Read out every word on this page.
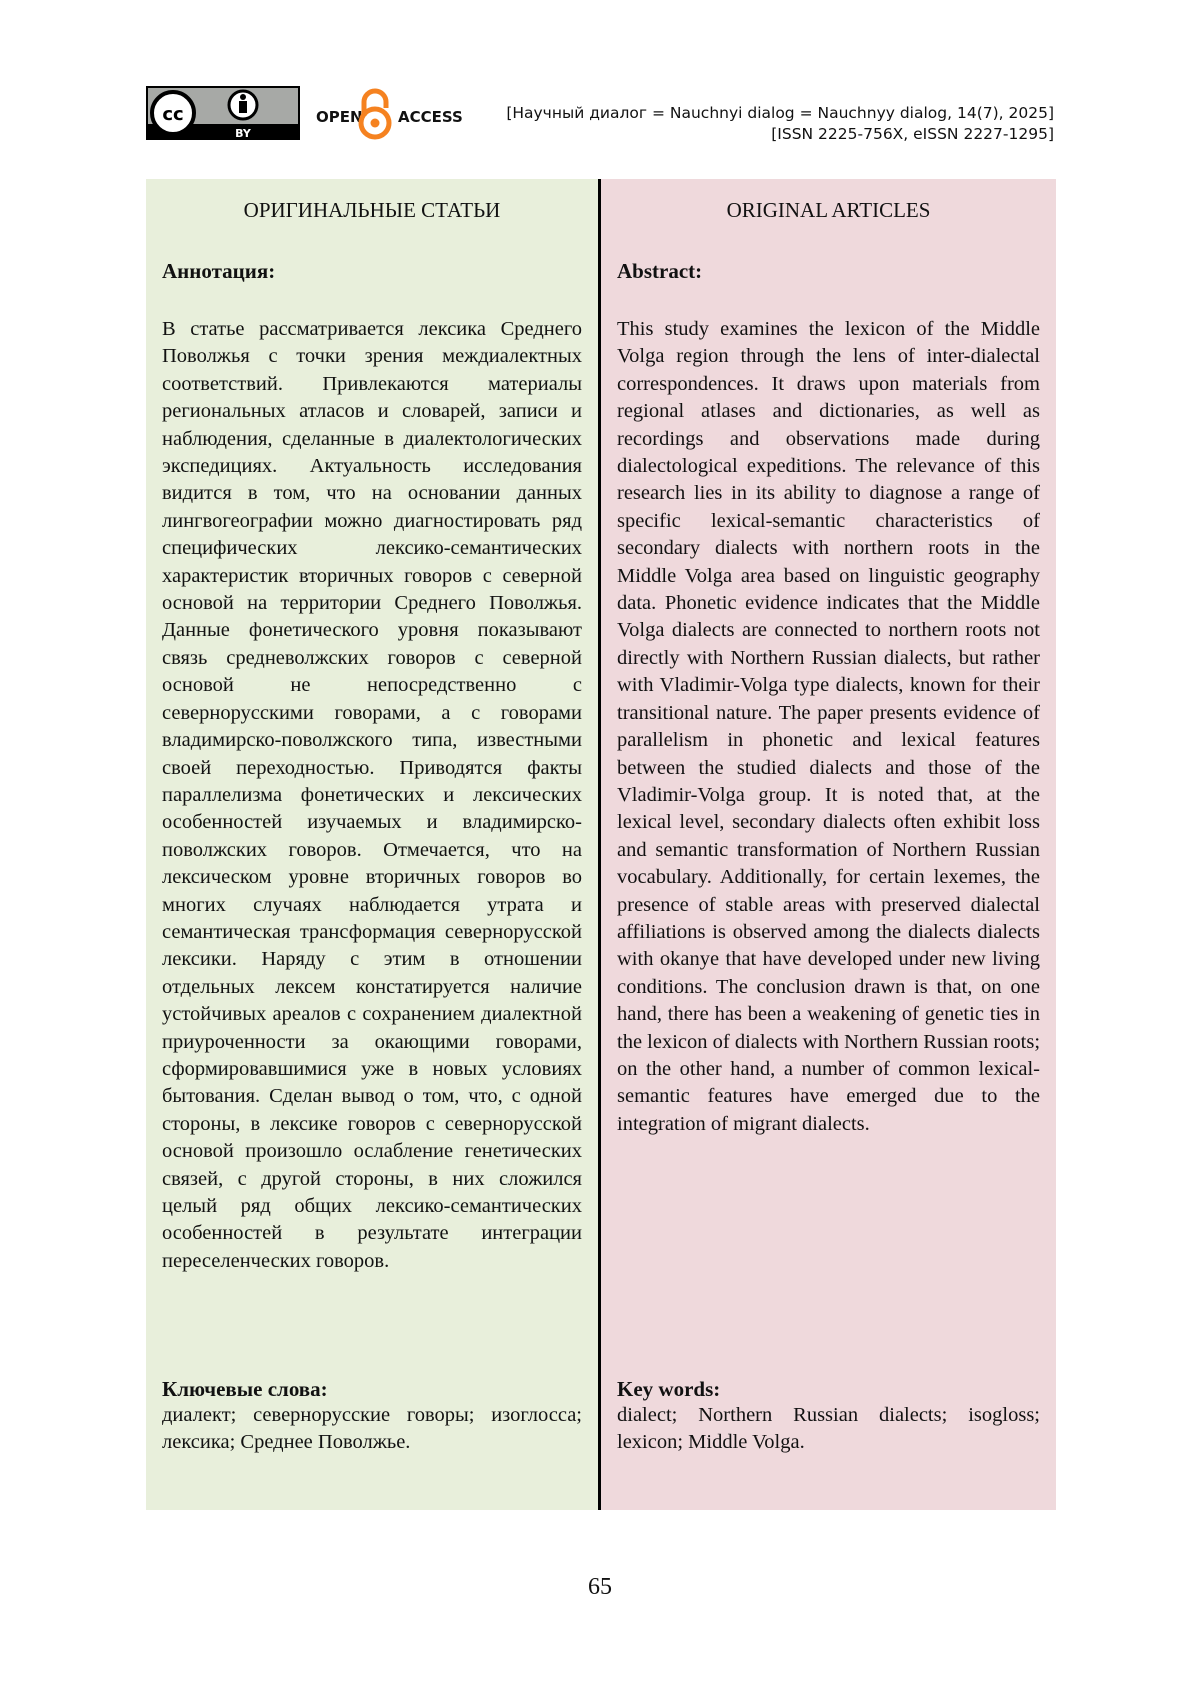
cc
BY
OPEN ACCESS	[Научный диалог = Nauchnyi dialog = Nauchnyy dialog, 14(7), 2025]
[ISSN 2225-756X, eISSN 2227-1295]
ОРИГИНАЛЬНЫЕ СТАТЬИ
Аннотация:
В статье рассматривается лексика Среднего Поволжья с точки зрения междиалектных соответствий. Привлекаются материалы региональных атласов и словарей, записи и наблюдения, сделанные в диалектологических экспедициях. Актуальность исследования видится в том, что на основании данных лингвогеографии можно диагностировать ряд специфических лексико-семантических характеристик вторичных говоров с северной основой на территории Среднего Поволжья. Данные фонетического уровня показывают связь средневолжских говоров с северной основой не непосредственно с севернорусскими говорами, а с говорами владимирско-поволжского типа, известными своей переходностью. Приводятся факты параллелизма фонетических и лексических особенностей изучаемых и владимирско-поволжских говоров. Отмечается, что на лексическом уровне вторичных говоров во многих случаях наблюдается утрата и семантическая трансформация севернорусской лексики. Наряду с этим в отношении отдельных лексем констатируется наличие устойчивых ареалов с сохранением диалектной приуроченности за окающими говорами, сформировавшимися уже в новых условиях бытования. Сделан вывод о том, что, с одной стороны, в лексике говоров с севернорусской основой произошло ослабление генетических связей, с другой стороны, в них сложился целый ряд общих лексико-семантических особенностей в результате интеграции переселенческих говоров.
Ключевые слова:
диалект; севернорусские говоры; изоглосса; лексика; Среднее Поволжье.
ORIGINAL ARTICLES
Abstract:
This study examines the lexicon of the Middle Volga region through the lens of inter-dialectal correspondences. It draws upon materials from regional atlases and dictionaries, as well as recordings and observations made during dialectological expeditions. The relevance of this research lies in its ability to diagnose a range of specific lexical-semantic characteristics of secondary dialects with northern roots in the Middle Volga area based on linguistic geography data. Phonetic evidence indicates that the Middle Volga dialects are connected to northern roots not directly with Northern Russian dialects, but rather with Vladimir-Volga type dialects, known for their transitional nature. The paper presents evidence of parallelism in phonetic and lexical features between the studied dialects and those of the Vladimir-Volga group. It is noted that, at the lexical level, secondary dialects often exhibit loss and semantic transformation of Northern Russian vocabulary. Additionally, for certain lexemes, the presence of stable areas with preserved dialectal affiliations is observed among the dialects dialects with okanye that have developed under new living conditions. The conclusion drawn is that, on one hand, there has been a weakening of genetic ties in the lexicon of dialects with Northern Russian roots; on the other hand, a number of common lexical-semantic features have emerged due to the integration of migrant dialects.
Key words:
dialect; Northern Russian dialects; isogloss; lexicon; Middle Volga.
65
